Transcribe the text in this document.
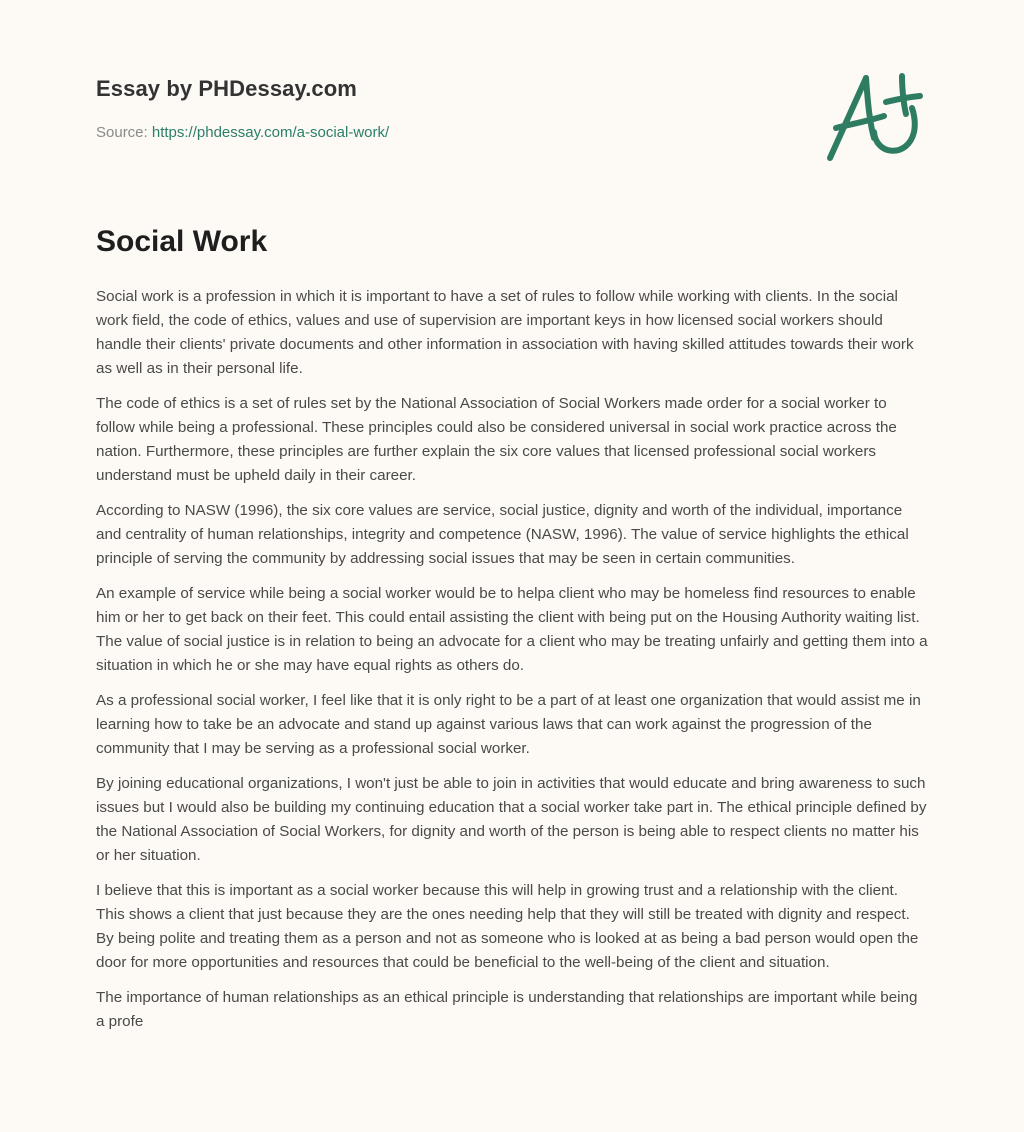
Essay by PHDessay.com
Source: https://phdessay.com/a-social-work/
Social Work

Social work is a profession in which it is important to have a set of rules to follow while working with clients. In the social work field, the code of ethics, values and use of supervision are important keys in how licensed social workers should handle their clients' private documents and other information in association with having skilled attitudes towards their work as well as in their personal life.

The code of ethics is a set of rules set by the National Association of Social Workers made order for a social worker to follow while being a professional. These principles could also be considered universal in social work practice across the nation. Furthermore, these principles are further explain the six core values that licensed professional social workers understand must be upheld daily in their career.

According to NASW (1996), the six core values are service, social justice, dignity and worth of the individual, importance and centrality of human relationships, integrity and competence (NASW, 1996). The value of service highlights the ethical principle of serving the community by addressing social issues that may be seen in certain communities.

An example of service while being a social worker would be to helpa client who may be homeless find resources to enable him or her to get back on their feet. This could entail assisting the client with being put on the Housing Authority waiting list. The value of social justice is in relation to being an advocate for a client who may be treating unfairly and getting them into a situation in which he or she may have equal rights as others do.

As a professional social worker, I feel like that it is only right to be a part of at least one organization that would assist me in learning how to take be an advocate and stand up against various laws that can work against the progression of the community that I may be serving as a professional social worker.

By joining educational organizations, I won't just be able to join in activities that would educate and bring awareness to such issues but I would also be building my continuing education that a social worker take part in. The ethical principle defined by the National Association of Social Workers, for dignity and worth of the person is being able to respect clients no matter his or her situation.

I believe that this is important as a social worker because this will help in growing trust and a relationship with the client. This shows a client that just because they are the ones needing help that they will still be treated with dignity and respect. By being polite and treating them as a person and not as someone who is looked at as being a bad person would open the door for more opportunities and resources that could be beneficial to the well-being of the client and situation.

The importance of human relationships as an ethical principle is understanding that relationships are important while being a profe
